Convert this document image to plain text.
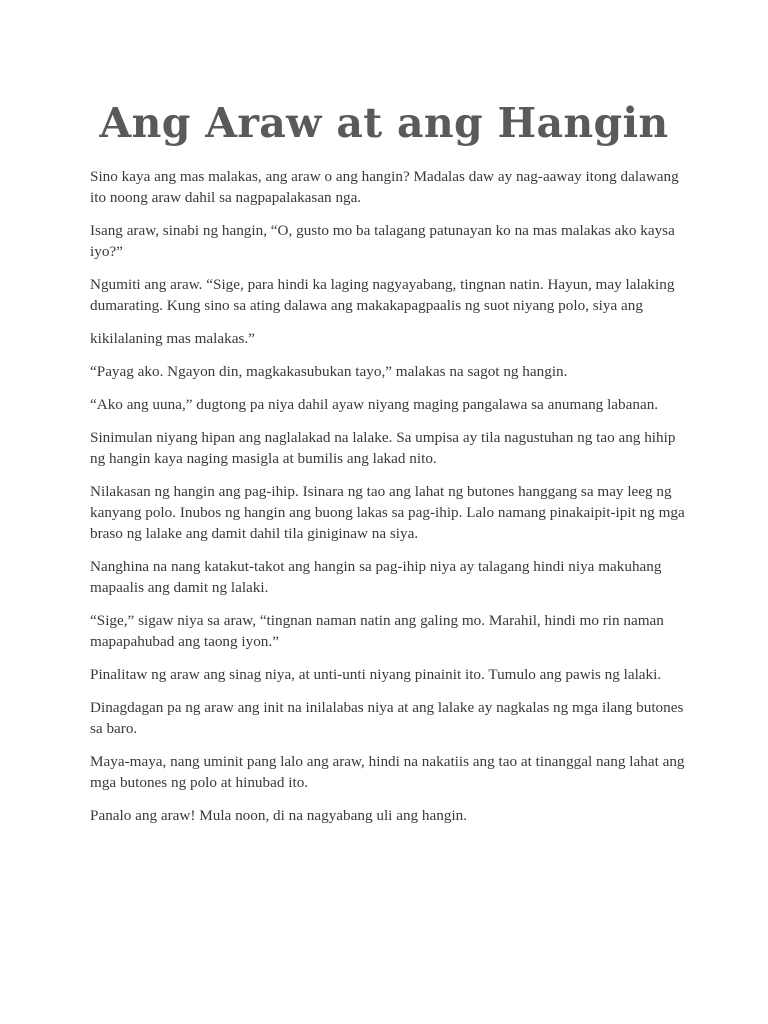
Ang Araw at ang Hangin

Sino kaya ang mas malakas, ang araw o ang hangin? Madalas daw ay nag-aaway itong dalawang ito noong araw dahil sa nagpapalakasan nga.

Isang araw, sinabi ng hangin, “O, gusto mo ba talagang patunayan ko na mas malakas ako kaysa iyo?”

Ngumiti ang araw. “Sige, para hindi ka laging nagyayabang, tingnan natin. Hayun, may lalaking dumarating. Kung sino sa ating dalawa ang makakapagpaalis ng suot niyang polo, siya ang

kikilalaning mas malakas.”

“Payag ako. Ngayon din, magkakasubukan tayo,” malakas na sagot ng hangin.

“Ako ang uuna,” dugtong pa niya dahil ayaw niyang maging pangalawa sa anumang labanan.

Sinimulan niyang hipan ang naglalakad na lalake. Sa umpisa ay tila nagustuhan ng tao ang hihip ng hangin kaya naging masigla at bumilis ang lakad nito.

Nilakasan ng hangin ang pag-ihip. Isinara ng tao ang lahat ng butones hanggang sa may leeg ng kanyang polo. Inubos ng hangin ang buong lakas sa pag-ihip. Lalo namang pinakaipit-ipit ng mga braso ng lalake ang damit dahil tila giniginaw na siya.

Nanghina na nang katakut-takot ang hangin sa pag-ihip niya ay talagang hindi niya makuhang mapaalis ang damit ng lalaki.

“Sige,” sigaw niya sa araw, “tingnan naman natin ang galing mo. Marahil, hindi mo rin naman mapapahubad ang taong iyon.”

Pinalitaw ng araw ang sinag niya, at unti-unti niyang pinainit ito. Tumulo ang pawis ng lalaki.

Dinagdagan pa ng araw ang init na inilalabas niya at ang lalake ay nagkalas ng mga ilang butones sa baro.

Maya-maya, nang uminit pang lalo ang araw, hindi na nakatiis ang tao at tinanggal nang lahat ang mga butones ng polo at hinubad ito.

Panalo ang araw! Mula noon, di na nagyabang uli ang hangin.
